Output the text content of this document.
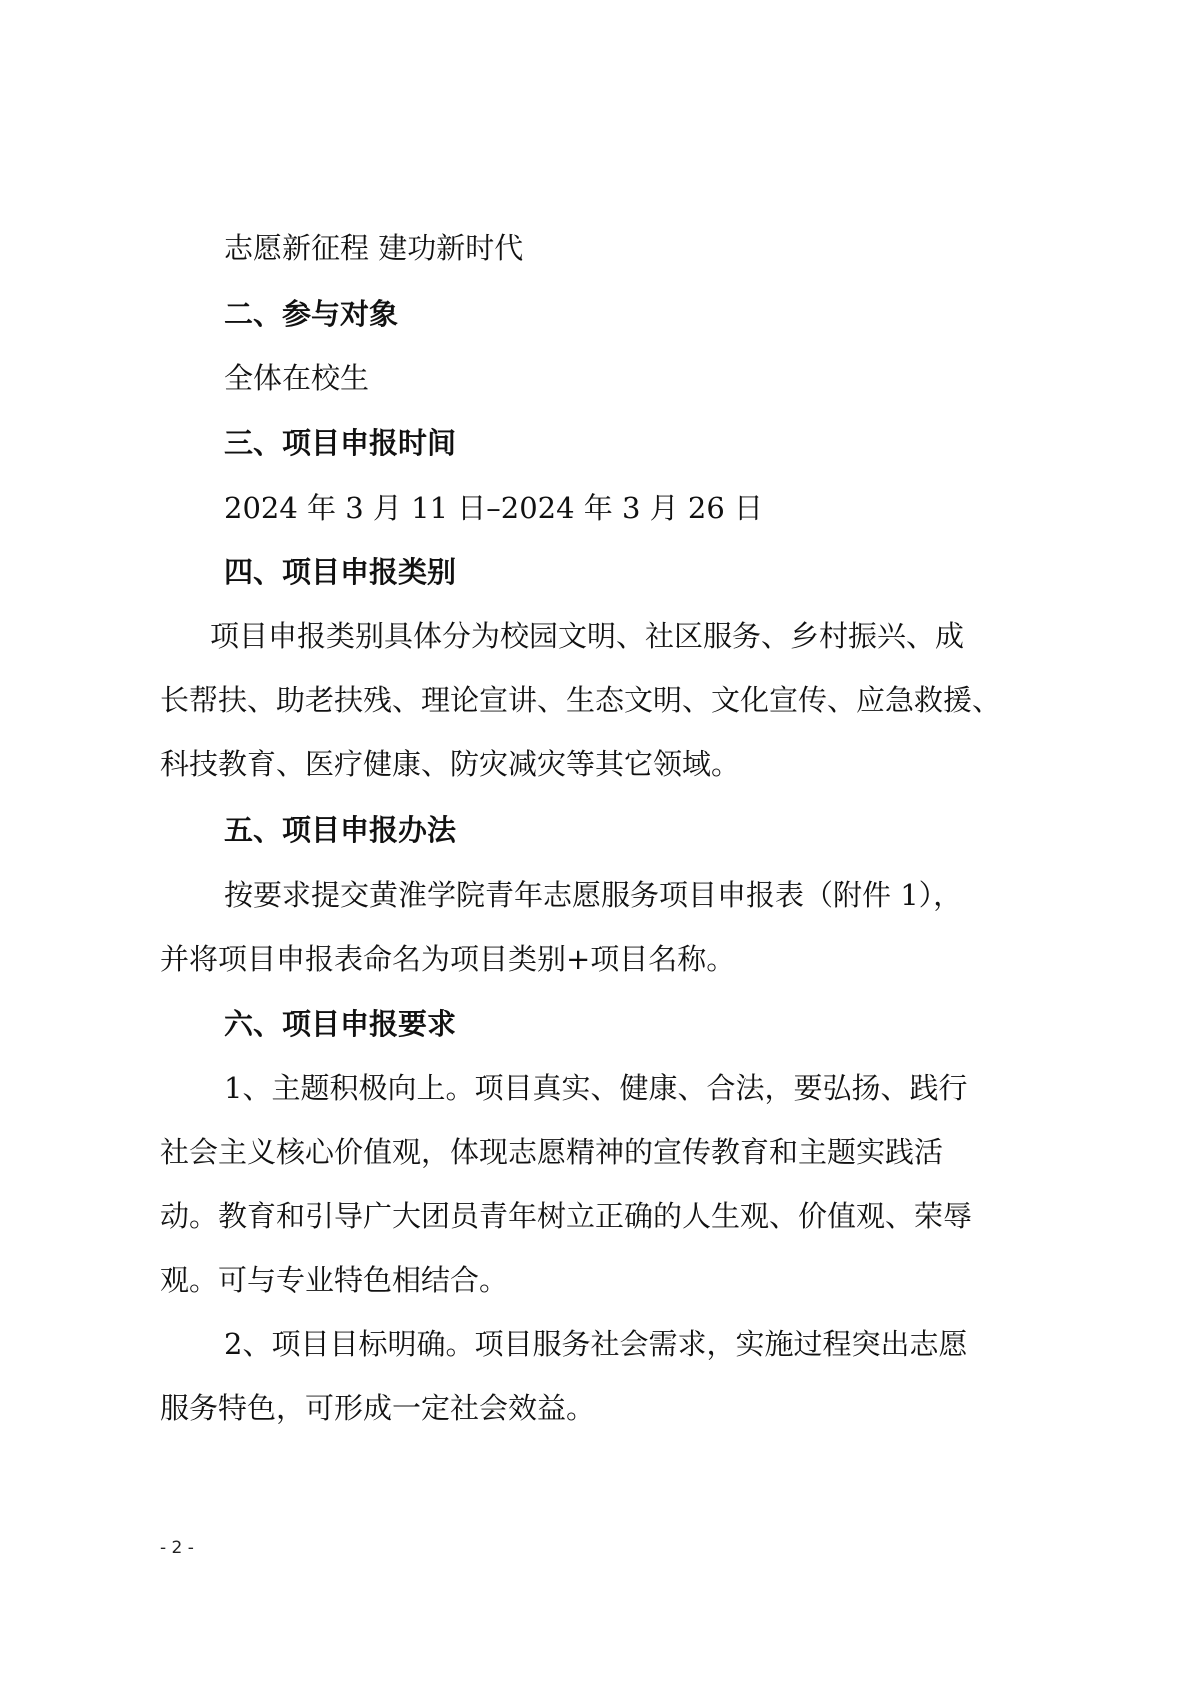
志愿新征程 建功新时代

二、参与对象

全体在校生

三、项目申报时间

2024 年 3 月 11 日–2024 年 3 月 26 日

四、项目申报类别

项目申报类别具体分为校园文明、社区服务、乡村振兴、成

长帮扶、助老扶残、理论宣讲、生态文明、文化宣传、应急救援、

科技教育、医疗健康、防灾减灾等其它领域。

五、项目申报办法

按要求提交黄淮学院青年志愿服务项目申报表（附件 1），

并将项目申报表命名为项目类别+项目名称。

六、项目申报要求

1、主题积极向上。项目真实、健康、合法，要弘扬、践行

社会主义核心价值观，体现志愿精神的宣传教育和主题实践活

动。教育和引导广大团员青年树立正确的人生观、价值观、荣辱

观。可与专业特色相结合。

2、项目目标明确。项目服务社会需求，实施过程突出志愿

服务特色，可形成一定社会效益。

- 2 -
